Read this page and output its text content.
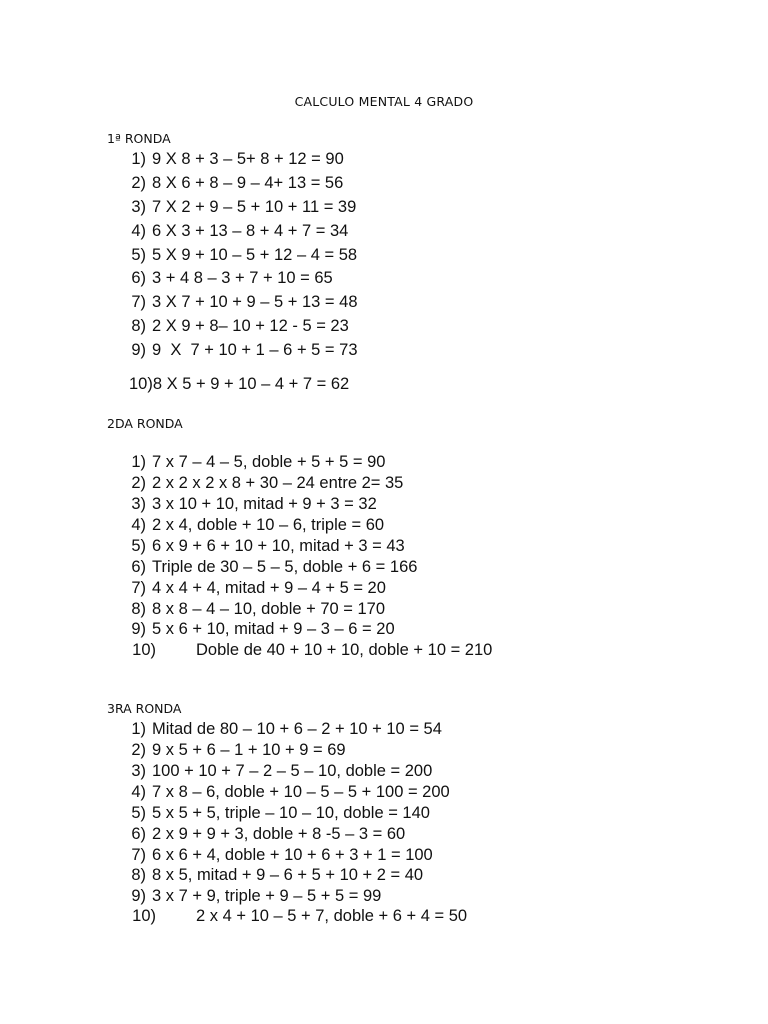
CALCULO MENTAL 4 GRADO
1ª RONDA
1) 9 X 8 + 3 – 5+ 8 + 12 = 90
2) 8 X 6 + 8 – 9 – 4+ 13 = 56
3) 7 X 2 + 9 – 5 + 10 + 11 = 39
4) 6 X 3 + 13 – 8 + 4 + 7 = 34
5) 5 X 9 + 10 – 5 + 12 – 4 = 58
6) 3 + 4 8 – 3 + 7 + 10 = 65
7) 3 X 7 + 10 + 9 – 5 + 13 = 48
8) 2 X 9 + 8– 10 + 12 - 5 = 23
9) 9  X  7 + 10 + 1 – 6 + 5 = 73
10)8 X 5 + 9 + 10 – 4 + 7 = 62
2DA RONDA
1) 7 x 7 – 4 – 5, doble + 5 + 5 = 90
2) 2 x 2 x 2 x 8 + 30 – 24 entre 2= 35
3) 3 x 10 + 10, mitad + 9 + 3 = 32
4) 2 x 4, doble + 10 – 6, triple = 60
5) 6 x 9 + 6 + 10 + 10, mitad + 3 = 43
6) Triple de 30 – 5 – 5, doble + 6 = 166
7) 4 x 4 + 4, mitad + 9 – 4 + 5 = 20
8) 8 x 8 – 4 – 10, doble + 70 = 170
9) 5 x 6 + 10, mitad + 9 – 3 – 6 = 20
10)	Doble de 40 + 10 + 10, doble + 10 = 210
3RA RONDA
1) Mitad de 80 – 10 + 6 – 2 + 10 + 10 = 54
2) 9 x 5 + 6 – 1 + 10 + 9 = 69
3) 100 + 10 + 7 – 2 – 5 – 10, doble = 200
4) 7 x 8 – 6, doble + 10 – 5 – 5 + 100 = 200
5) 5 x 5 + 5, triple – 10 – 10, doble = 140
6) 2 x 9 + 9 + 3, doble + 8 -5 – 3 = 60
7) 6 x 6 + 4, doble + 10 + 6 + 3 + 1 = 100
8) 8 x 5, mitad + 9 – 6 + 5 + 10 + 2 = 40
9) 3 x 7 + 9, triple + 9 – 5 + 5 = 99
10)	2 x 4 + 10 – 5 + 7, doble + 6 + 4 = 50
